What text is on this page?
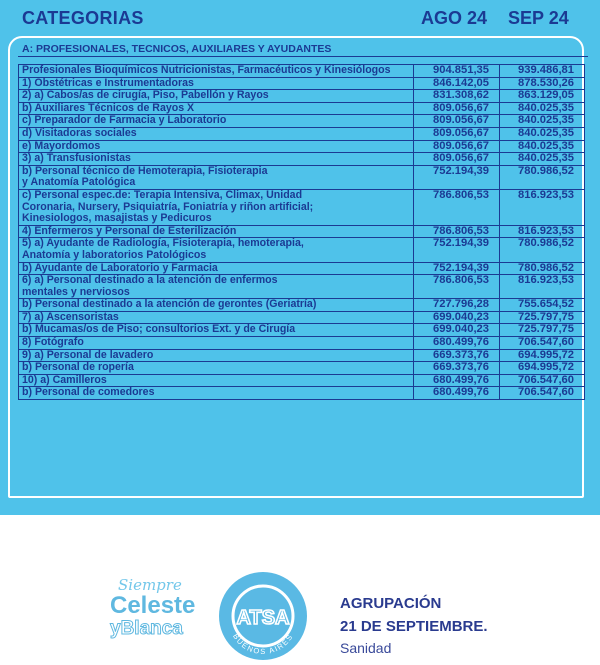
CATEGORIAS	AGO 24 SEP 24
A: PROFESIONALES, TECNICOS, AUXILIARES Y AYUDANTES
Profesionales Bioquímicos Nutricionistas, Farmacéuticos y Kinesiólogos	904.851,35	939.486,81
1) Obstétricas e Instrumentadoras	846.142,05	878.530,26
2) a) Cabos/as de cirugía, Piso, Pabellón y Rayos	831.308,62	863.129,05
b) Auxiliares Técnicos de Rayos X	809.056,67	840.025,35
c) Preparador de Farmacia y Laboratorio	809.056,67	840.025,35
d) Visitadoras sociales	809.056,67	840.025,35
e) Mayordomos	809.056,67	840.025,35
3) a) Transfusionistas	809.056,67	840.025,35
b) Personal técnico de Hemoterapia, Fisioterapia
y Anatomía Patológica	752.194,39	780.986,52
c) Personal espec.de: Terapia Intensiva, Climax, Unidad
Coronaria, Nursery, Psiquiatría, Foniatría y riñon artificial;
Kinesiologos, masajistas y Pedicuros	786.806,53	816.923,53
4) Enfermeros y Personal de Esterilización	786.806,53	816.923,53
5) a) Ayudante de Radiología, Fisioterapia, hemoterapia,
Anatomía y laboratorios Patológicos	752.194,39	780.986,52
b) Ayudante de Laboratorio y Farmacia	752.194,39	780.986,52
6) a) Personal destinado a la atención de enfermos
mentales y nerviosos	786.806,53	816.923,53
b) Personal destinado a la atención de gerontes (Geriatría)	727.796,28	755.654,52
7) a) Ascensoristas	699.040,23	725.797,75
b) Mucamas/os de Piso; consultorios Ext. y de Cirugía	699.040,23	725.797,75
8) Fotógrafo	680.499,76	706.547,60
9) a) Personal de lavadero	669.373,76	694.995,72
b) Personal de ropería	669.373,76	694.995,72
10) a) Camilleros	680.499,76	706.547,60
b) Personal de comedores	680.499,76	706.547,60
Siempre
Celeste
yBlanca	ATSA
BUENOS AIRES
AGRUPACIÓN
21 DE SEPTIEMBRE.
Sanidad
